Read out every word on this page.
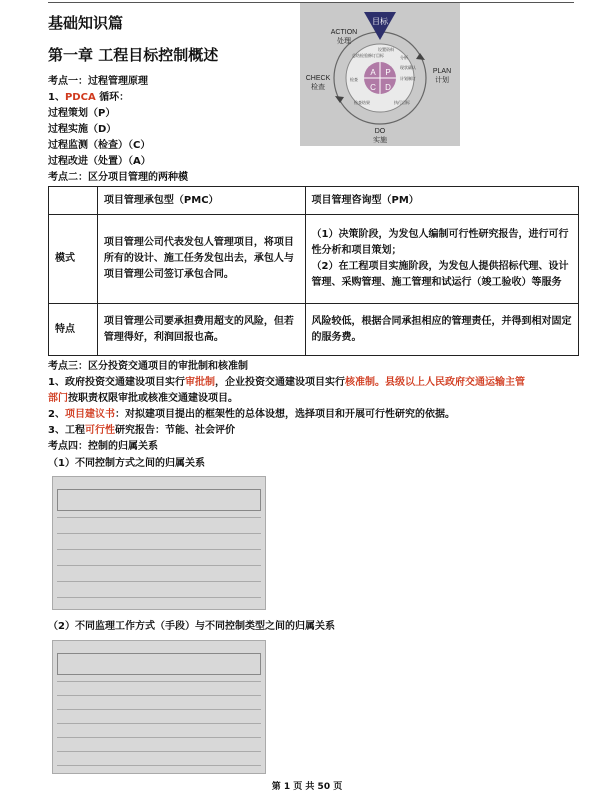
基础知识篇
第一章 工程目标控制概述
考点一：过程管理原理
1、PDCA 循环：
过程策划（P）
过程实施（D）
过程监测（检查）（C）
过程改进（处置）（A）
目标
ACTION
处理
PLAN
计划
CHECK
检查
DO
实施
A P
C D
设置资料
总结检验修订目标	分析
现状确认
计划制订
检查
执行目标
检查结果
考点二：区分项目管理的两种模
	项目管理承包型（PMC）	项目管理咨询型（PM）
模式	项目管理公司代表发包人管理项目，将项目所有的设计、施工任务发包出去，承包人与项目管理公司签订承包合同。	（1）决策阶段，为发包人编制可行性研究报告，进行可行性分析和项目策划；
（2）在工程项目实施阶段，为发包人提供招标代理、设计管理、采购管理、施工管理和试运行（竣工验收）等服务

特点	项目管理公司要承担费用超支的风险，但若管理得好，利润回报也高。	风险较低，根据合同承担相应的管理责任，并得到相对固定的服务费。
考点三：区分投资交通项目的审批制和核准制
1、政府投资交通建设项目实行审批制，企业投资交通建设项目实行核准制。县级以上人民政府交通运输主管
部门按职责权限审批或核准交通建设项目。
2、项目建议书：对拟建项目提出的框架性的总体设想，选择项目和开展可行性研究的依据。
3、工程可行性研究报告：节能、社会评价
考点四：控制的归属关系
（1）不同控制方式之间的归属关系
（2）不同监理工作方式（手段）与不同控制类型之间的归属关系
第 1 页 共 50 页
